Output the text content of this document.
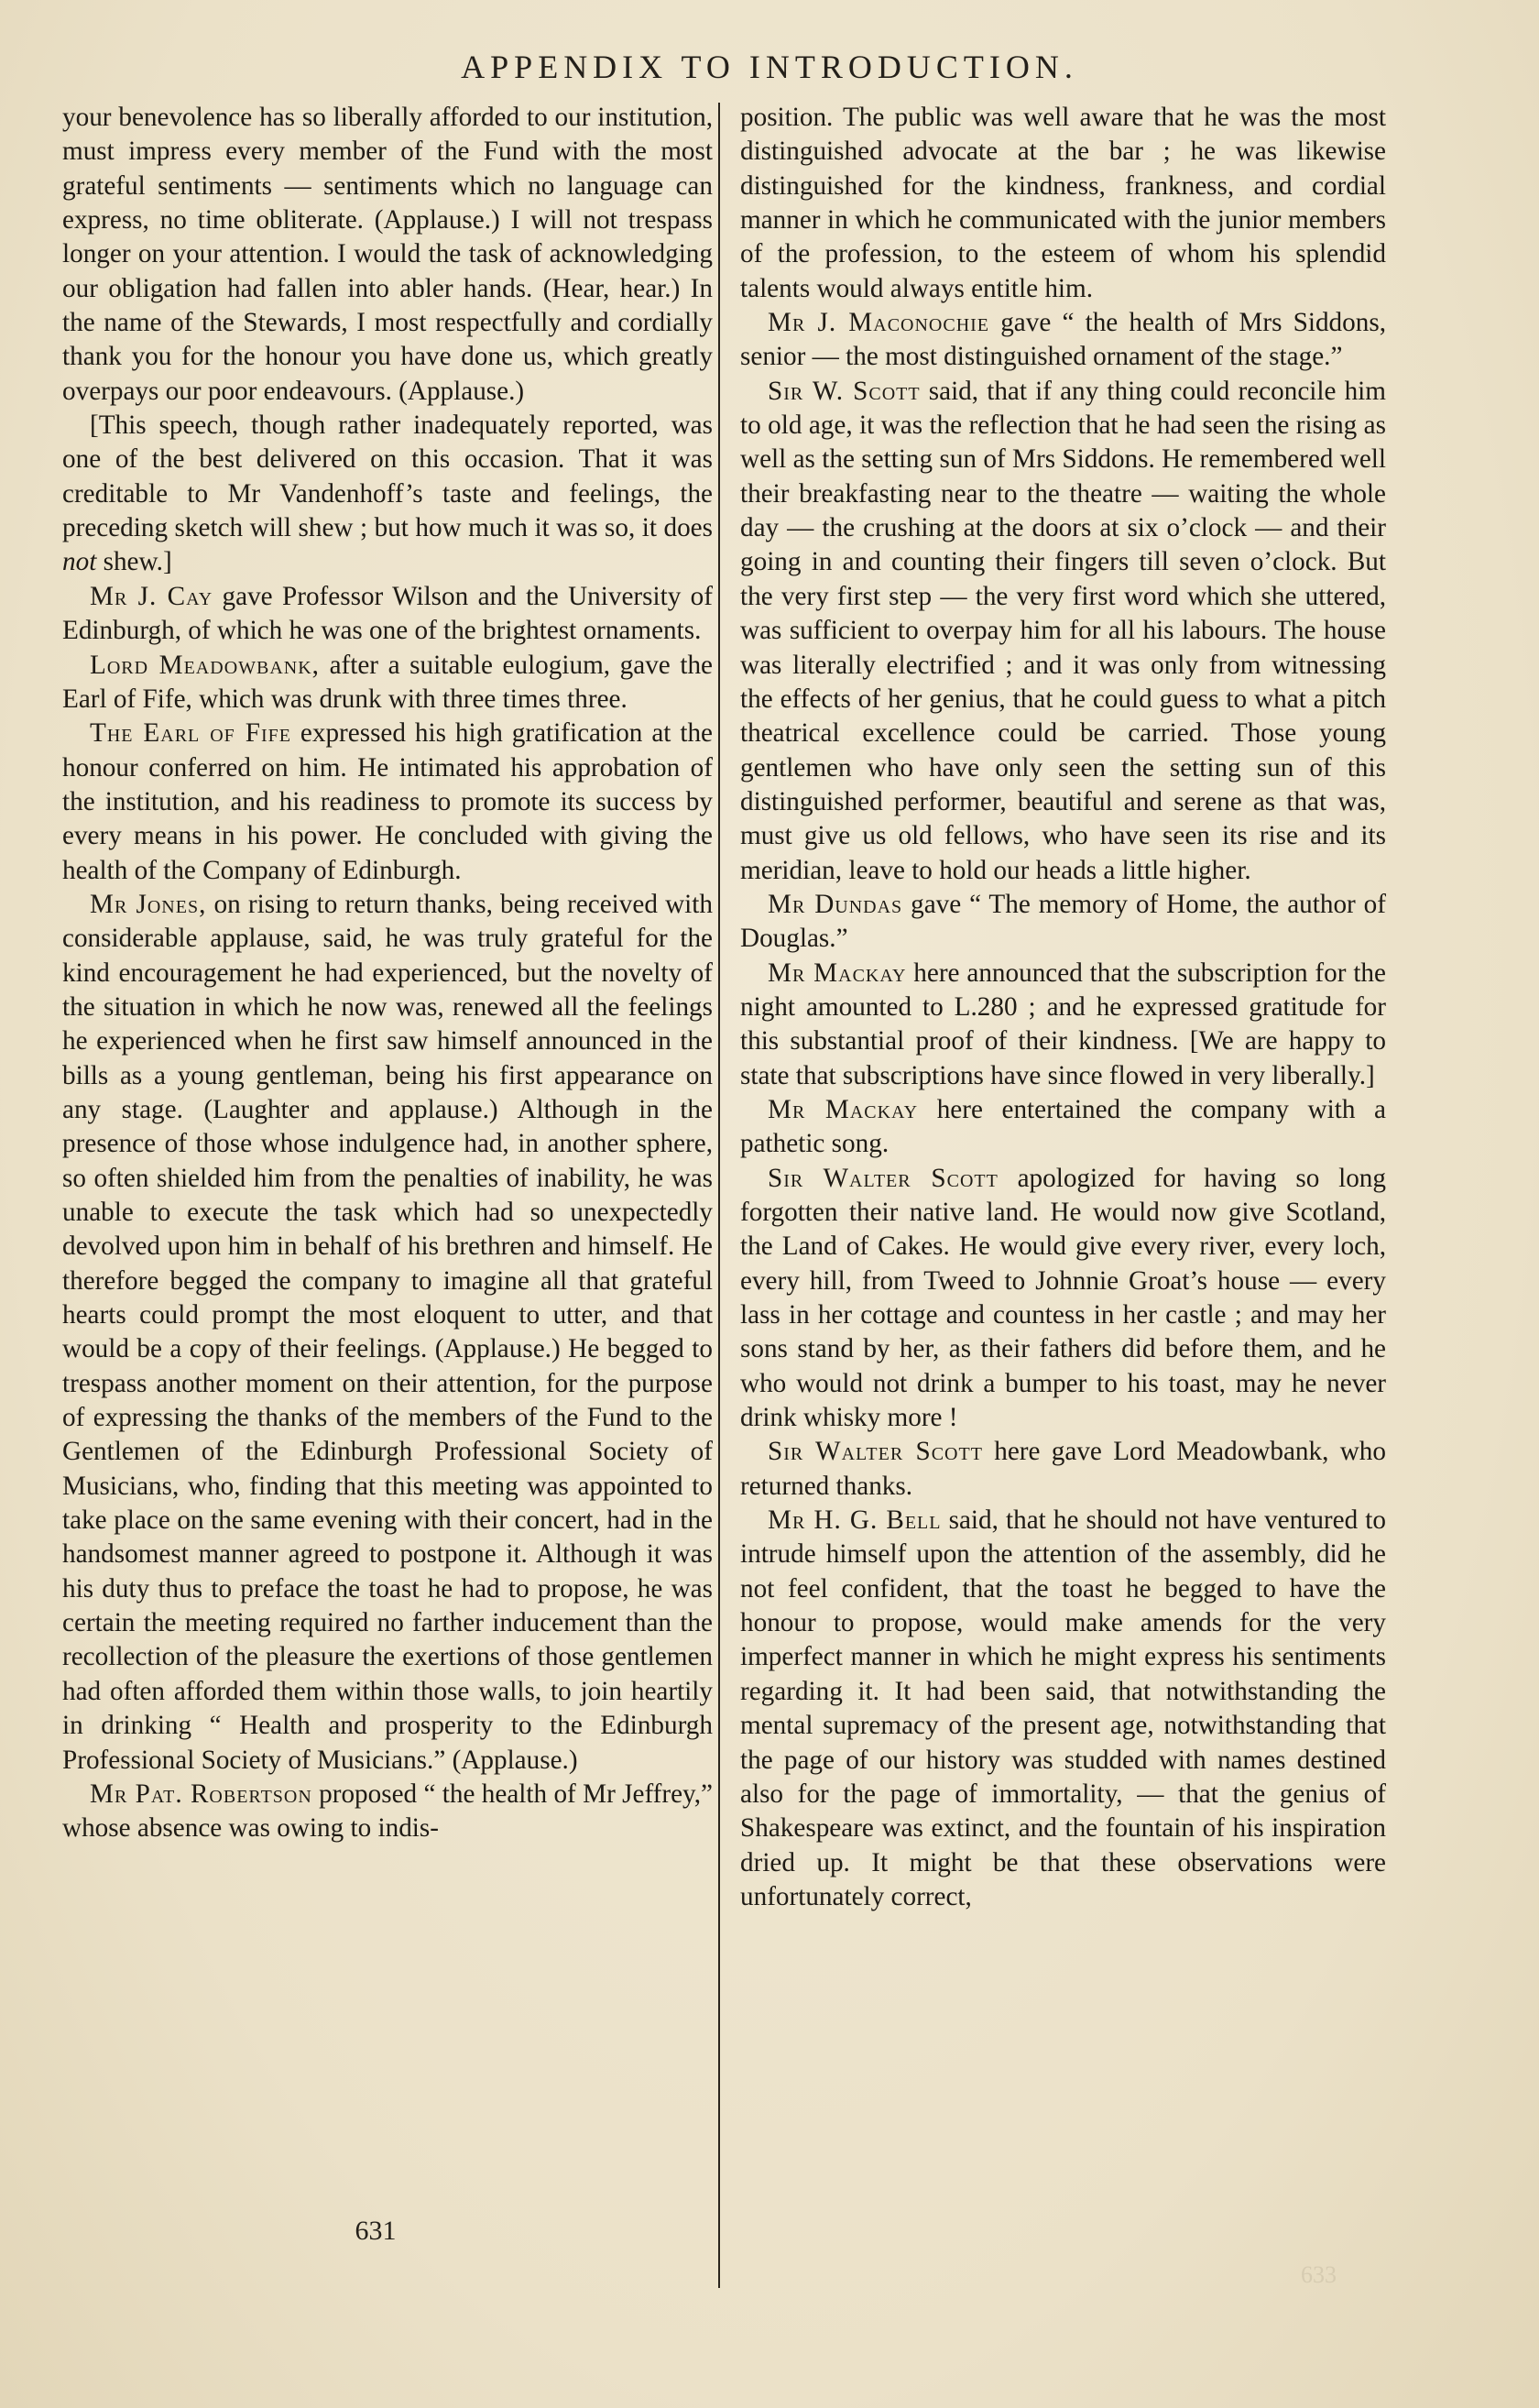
APPENDIX TO INTRODUCTION.

your benevolence has so liberally afforded to our institution, must impress every member of the Fund with the most grateful sentiments — sentiments which no language can express, no time obliterate. (Applause.) I will not trespass longer on your attention. I would the task of acknowledging our obligation had fallen into abler hands. (Hear, hear.) In the name of the Stewards, I most respectfully and cordially thank you for the honour you have done us, which greatly overpays our poor endeavours. (Applause.)

[This speech, though rather inadequately reported, was one of the best delivered on this occasion. That it was creditable to Mr Vandenhoff’s taste and feelings, the preceding sketch will shew ; but how much it was so, it does not shew.]

Mr J. Cay gave Professor Wilson and the University of Edinburgh, of which he was one of the brightest ornaments.

Lord Meadowbank, after a suitable eulogium, gave the Earl of Fife, which was drunk with three times three.

The Earl of Fife expressed his high gratification at the honour conferred on him. He intimated his approbation of the institution, and his readiness to promote its success by every means in his power. He concluded with giving the health of the Company of Edinburgh.

Mr Jones, on rising to return thanks, being received with considerable applause, said, he was truly grateful for the kind encouragement he had experienced, but the novelty of the situation in which he now was, renewed all the feelings he experienced when he first saw himself announced in the bills as a young gentleman, being his first appearance on any stage. (Laughter and applause.) Although in the presence of those whose indulgence had, in another sphere, so often shielded him from the penalties of inability, he was unable to execute the task which had so unexpectedly devolved upon him in behalf of his brethren and himself. He therefore begged the company to imagine all that grateful hearts could prompt the most eloquent to utter, and that would be a copy of their feelings. (Applause.) He begged to trespass another moment on their attention, for the purpose of expressing the thanks of the members of the Fund to the Gentlemen of the Edinburgh Professional Society of Musicians, who, finding that this meeting was appointed to take place on the same evening with their concert, had in the handsomest manner agreed to postpone it. Although it was his duty thus to preface the toast he had to propose, he was certain the meeting required no farther inducement than the recollection of the pleasure the exertions of those gentlemen had often afforded them within those walls, to join heartily in drinking “ Health and prosperity to the Edinburgh Professional Society of Musicians.” (Applause.)

Mr Pat. Robertson proposed “ the health of Mr Jeffrey,” whose absence was owing to indis-

position. The public was well aware that he was the most distinguished advocate at the bar ; he was likewise distinguished for the kindness, frankness, and cordial manner in which he communicated with the junior members of the profession, to the esteem of whom his splendid talents would always entitle him.

Mr J. Maconochie gave “ the health of Mrs Siddons, senior — the most distinguished ornament of the stage.”

Sir W. Scott said, that if any thing could reconcile him to old age, it was the reflection that he had seen the rising as well as the setting sun of Mrs Siddons. He remembered well their breakfasting near to the theatre — waiting the whole day — the crushing at the doors at six o’clock — and their going in and counting their fingers till seven o’clock. But the very first step — the very first word which she uttered, was sufficient to overpay him for all his labours. The house was literally electrified ; and it was only from witnessing the effects of her genius, that he could guess to what a pitch theatrical excellence could be carried. Those young gentlemen who have only seen the setting sun of this distinguished performer, beautiful and serene as that was, must give us old fellows, who have seen its rise and its meridian, leave to hold our heads a little higher.

Mr Dundas gave “ The memory of Home, the author of Douglas.”

Mr Mackay here announced that the subscription for the night amounted to L.280 ; and he expressed gratitude for this substantial proof of their kindness. [We are happy to state that subscriptions have since flowed in very liberally.]

Mr Mackay here entertained the company with a pathetic song.

Sir Walter Scott apologized for having so long forgotten their native land. He would now give Scotland, the Land of Cakes. He would give every river, every loch, every hill, from Tweed to Johnnie Groat’s house — every lass in her cottage and countess in her castle ; and may her sons stand by her, as their fathers did before them, and he who would not drink a bumper to his toast, may he never drink whisky more !

Sir Walter Scott here gave Lord Meadowbank, who returned thanks.

Mr H. G. Bell said, that he should not have ventured to intrude himself upon the attention of the assembly, did he not feel confident, that the toast he begged to have the honour to propose, would make amends for the very imperfect manner in which he might express his sentiments regarding it. It had been said, that notwithstanding the mental supremacy of the present age, notwithstanding that the page of our history was studded with names destined also for the page of immortality, — that the genius of Shakespeare was extinct, and the fountain of his inspiration dried up. It might be that these observations were unfortunately correct,

631
633
